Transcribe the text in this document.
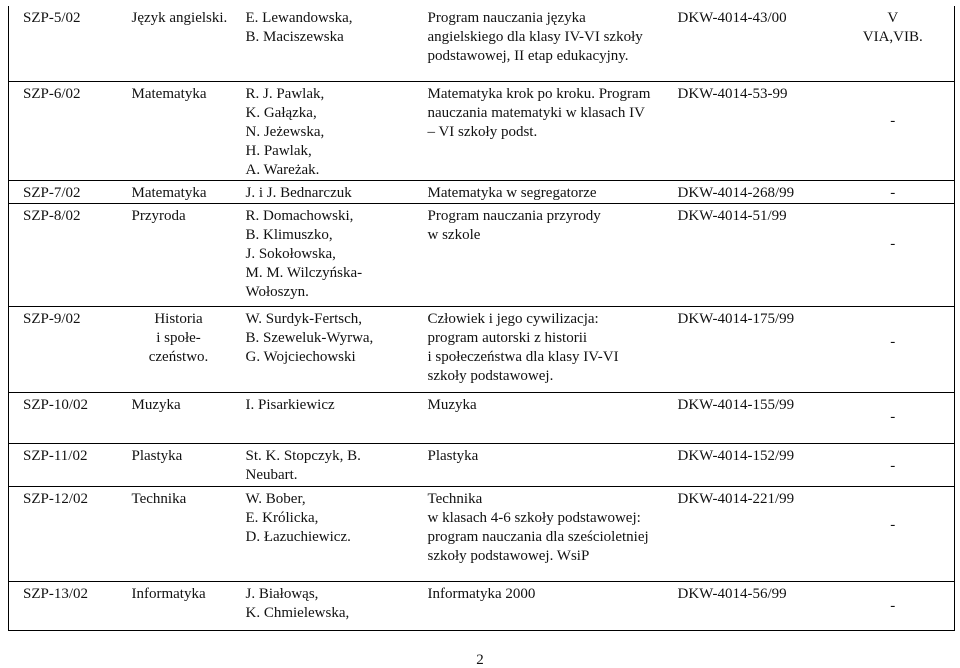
SZP-5/02	Język angielski.	E. Lewandowska,
B. Maciszewska	Program nauczania języka
angielskiego dla klasy IV-VI szkoły
podstawowej, II etap edukacyjny.	DKW-4014-43/00	V
VIA,VIB.

SZP-6/02	Matematyka	R. J. Pawlak,
K. Gałązka,
N. Jeżewska,
H. Pawlak,
A. Wareżak.	Matematyka krok po kroku. Program
nauczania matematyki w klasach IV
– VI szkoły podst.	DKW-4014-53-99	-

SZP-7/02	Matematyka	J. i J. Bednarczuk	Matematyka w segregatorze	DKW-4014-268/99	-

SZP-8/02	Przyroda	R. Domachowski,
B. Klimuszko,
J. Sokołowska,
M. M. Wilczyńska-
Wołoszyn.	Program nauczania przyrody
w szkole	DKW-4014-51/99	-

SZP-9/02	Historia
i społe-
czeństwo.	W. Surdyk-Fertsch,
B. Szeweluk-Wyrwa,
G. Wojciechowski	Człowiek i jego cywilizacja:
program autorski z historii
i społeczeństwa dla klasy IV-VI
szkoły podstawowej.	DKW-4014-175/99	-

SZP-10/02	Muzyka	I. Pisarkiewicz	Muzyka	DKW-4014-155/99	-

SZP-11/02	Plastyka	St. K. Stopczyk, B.
Neubart.	Plastyka	DKW-4014-152/99	-

SZP-12/02	Technika	W. Bober,
E. Królicka,
D. Łazuchiewicz.	Technika
w klasach 4-6 szkoły podstawowej:
program nauczania dla sześcioletniej
szkoły podstawowej. WsiP	DKW-4014-221/99	-

SZP-13/02	Informatyka	J. Białowąs,
K. Chmielewska,	Informatyka 2000	DKW-4014-56/99	-
2
